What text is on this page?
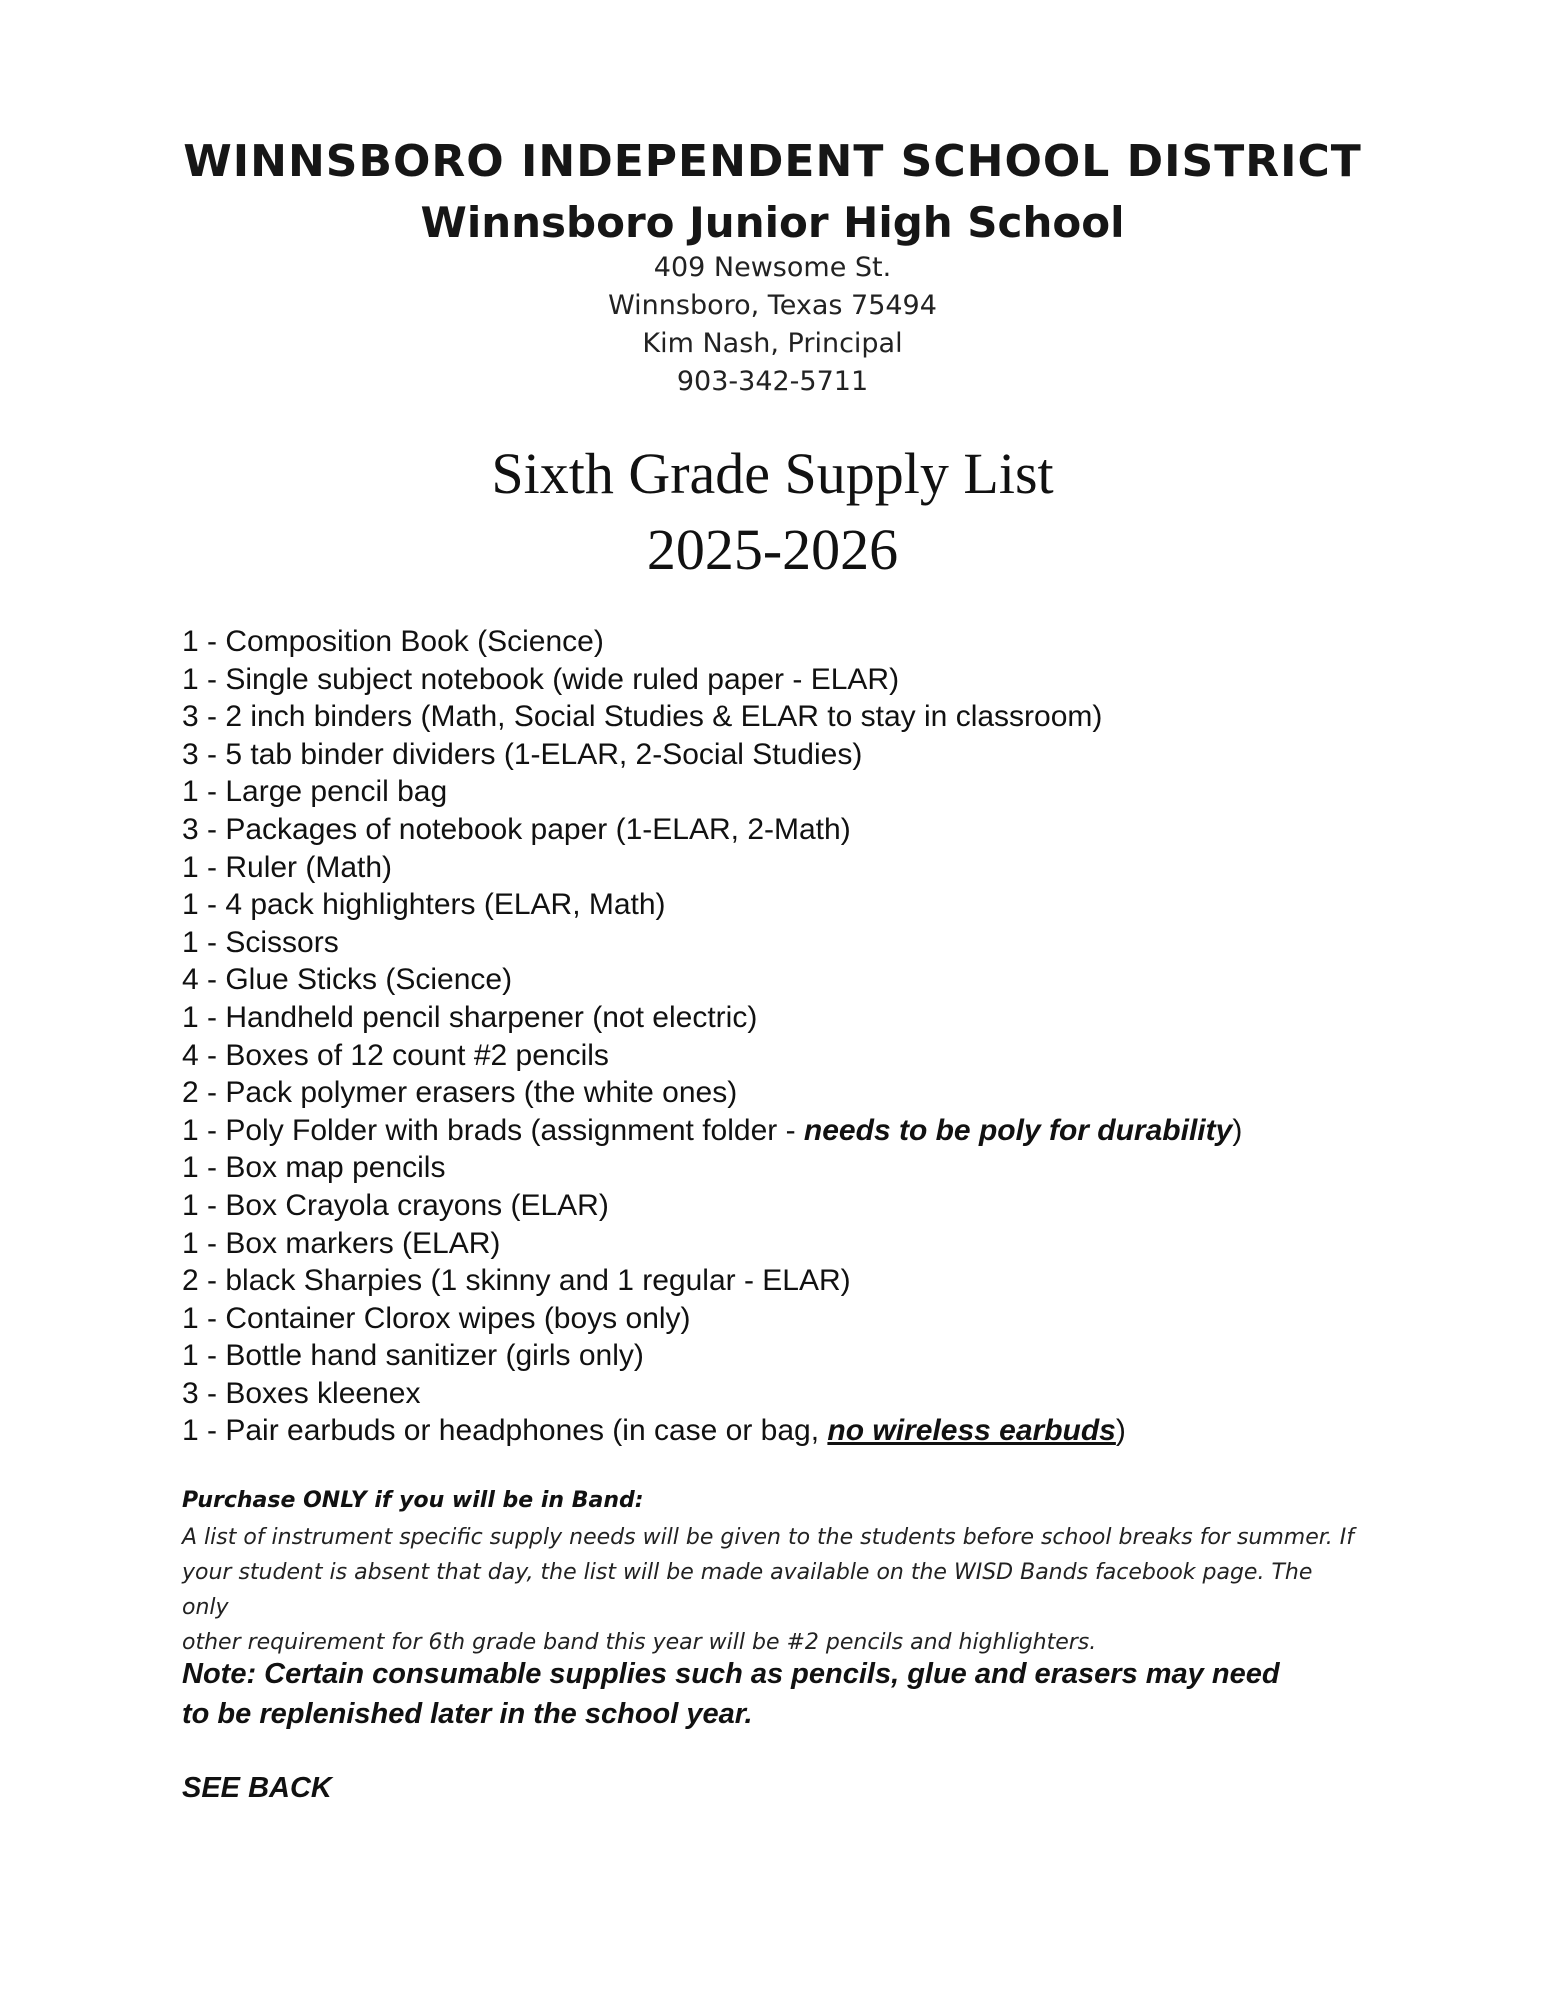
WINNSBORO INDEPENDENT SCHOOL DISTRICT
Winnsboro Junior High School
409 Newsome St.
Winnsboro, Texas 75494
Kim Nash, Principal
903-342-5711
Sixth Grade Supply List
2025-2026
1 - Composition Book (Science)
1 - Single subject notebook (wide ruled paper - ELAR)
3 - 2 inch binders (Math, Social Studies & ELAR to stay in classroom)
3 - 5 tab binder dividers (1-ELAR, 2-Social Studies)
1 - Large pencil bag
3 - Packages of notebook paper (1-ELAR, 2-Math)
1 - Ruler (Math)
1 - 4 pack highlighters (ELAR, Math)
1 - Scissors
4 - Glue Sticks (Science)
1 - Handheld pencil sharpener (not electric)
4 - Boxes of 12 count #2 pencils
2 - Pack polymer erasers (the white ones)
1 - Poly Folder with brads (assignment folder - needs to be poly for durability)
1 - Box map pencils
1 - Box Crayola crayons (ELAR)
1 - Box markers (ELAR)
2 - black Sharpies (1 skinny and 1 regular - ELAR)
1 - Container Clorox wipes (boys only)
1 - Bottle hand sanitizer (girls only)
3 - Boxes kleenex
1 - Pair earbuds or headphones (in case or bag, no wireless earbuds)
Purchase ONLY if you will be in Band:
A list of instrument specific supply needs will be given to the students before school breaks for summer. If
your student is absent that day, the list will be made available on the WISD Bands facebook page. The only
other requirement for 6th grade band this year will be #2 pencils and highlighters.
Note: Certain consumable supplies such as pencils, glue and erasers may need
to be replenished later in the school year.
SEE BACK
